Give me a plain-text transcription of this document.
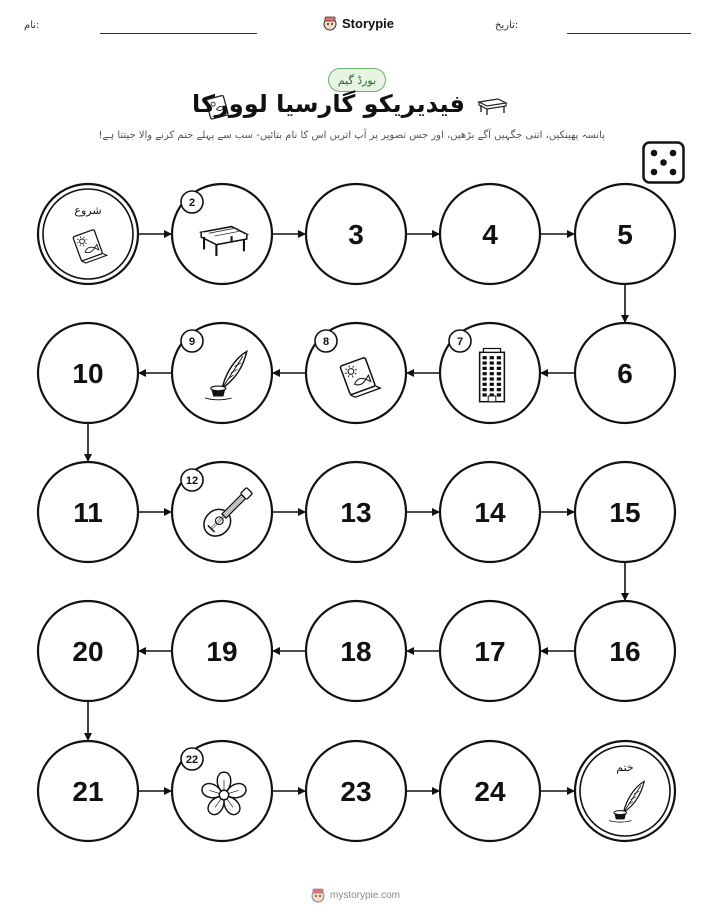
نام:	تاریخ:
Storypie
بورڈ گیم
فیدیریکو گارسیا لوورکا
پانسہ پھینکیں، اتنی جگہیں آگے بڑھیں، اور جس تصویر پر آپ اتریں اس کا نام بتائیں- سب سے پہلے ختم کرنے والا جیتتا ہے!
شروع
2
3	4	5
6
7
8
9
10
11
12
13	14	15
16
17
18
19
20
21
22
23	24
ختم
mystorypie.com
